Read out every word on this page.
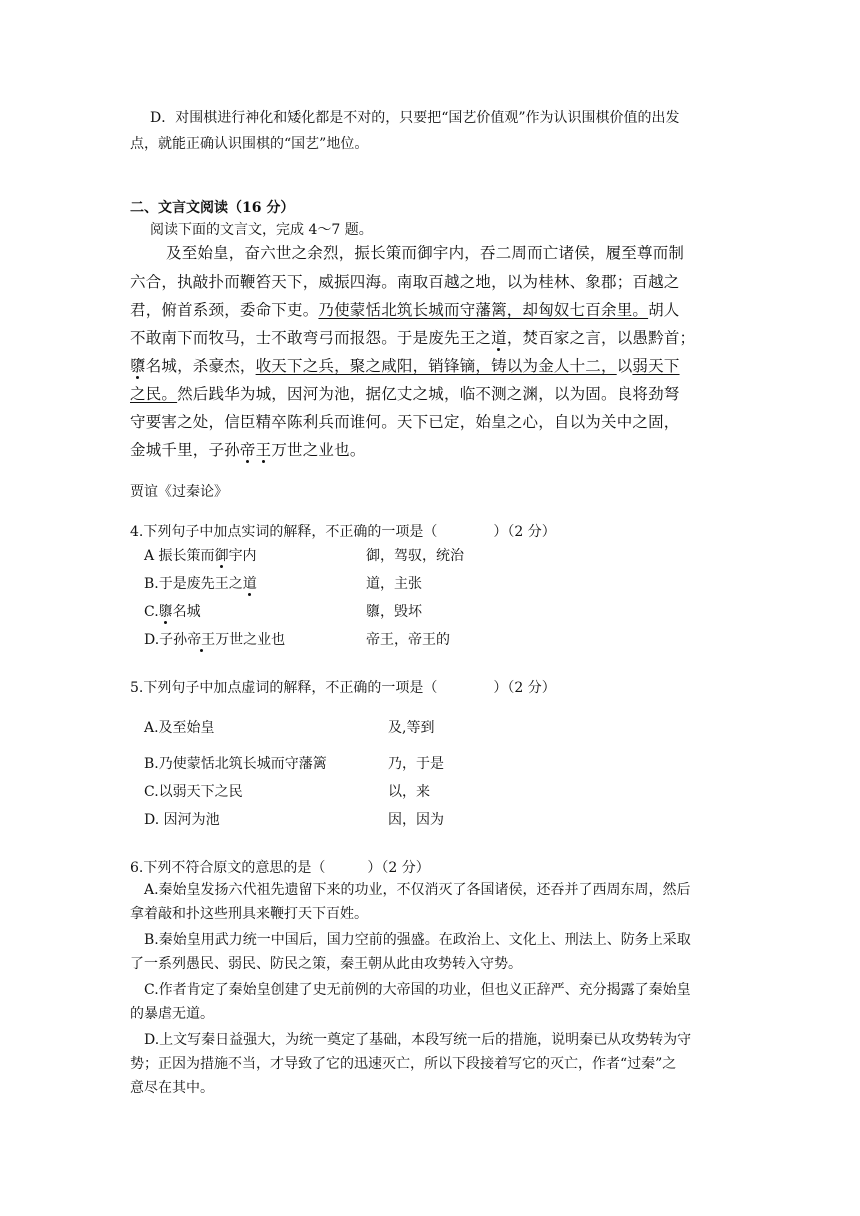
D．对围棋进行神化和矮化都是不对的，只要把“国艺价值观”作为认识围棋价值的出发
点，就能正确认识围棋的“国艺”地位。
二、文言文阅读（16 分）
阅读下面的文言文，完成 4～7 题。
及至始皇，奋六世之余烈，振长策而御宇内，吞二周而亡诸侯，履至尊而制
六合，执敲扑而鞭笞天下，威振四海。南取百越之地，以为桂林、象郡；百越之
君，俯首系颈，委命下吏。乃使蒙恬北筑长城而守藩篱，却匈奴七百余里。胡人
不敢南下而牧马，士不敢弯弓而报怨。于是废先王之道，焚百家之言，以愚黔首；
隳名城，杀豪杰，收天下之兵，聚之咸阳，销锋镝，铸以为金人十二，以弱天下
之民。然后践华为城，因河为池，据亿丈之城，临不测之渊，以为固。良将劲弩
守要害之处，信臣精卒陈利兵而谁何。天下已定，始皇之心，自以为关中之固，
金城千里，子孙帝王万世之业也。
贾谊《过秦论》
4.下列句子中加点实词的解释，不正确的一项是（　　　　）（2 分）
A 振长策而御宇内	御，驾驭，统治
B.于是废先王之道	道，主张
C.隳名城	隳，毁坏
D.子孙帝王万世之业也	帝王，帝王的
5.下列句子中加点虚词的解释，不正确的一项是（　　　　）（2 分）
A.及至始皇	及,等到
B.乃使蒙恬北筑长城而守藩篱	乃，于是
C.以弱天下之民	以，来
D. 因河为池	因，因为
6.下列不符合原文的意思的是（　　　）（2 分）
A.秦始皇发扬六代祖先遗留下来的功业，不仅消灭了各国诸侯，还吞并了西周东周，然后
拿着敲和扑这些刑具来鞭打天下百姓。
B.秦始皇用武力统一中国后，国力空前的强盛。在政治上、文化上、刑法上、防务上采取
了一系列愚民、弱民、防民之策，秦王朝从此由攻势转入守势。
C.作者肯定了秦始皇创建了史无前例的大帝国的功业，但也义正辞严、充分揭露了秦始皇
的暴虐无道。
D.上文写秦日益强大，为统一奠定了基础，本段写统一后的措施，说明秦已从攻势转为守
势；正因为措施不当，才导致了它的迅速灭亡，所以下段接着写它的灭亡，作者“过秦”之
意尽在其中。
